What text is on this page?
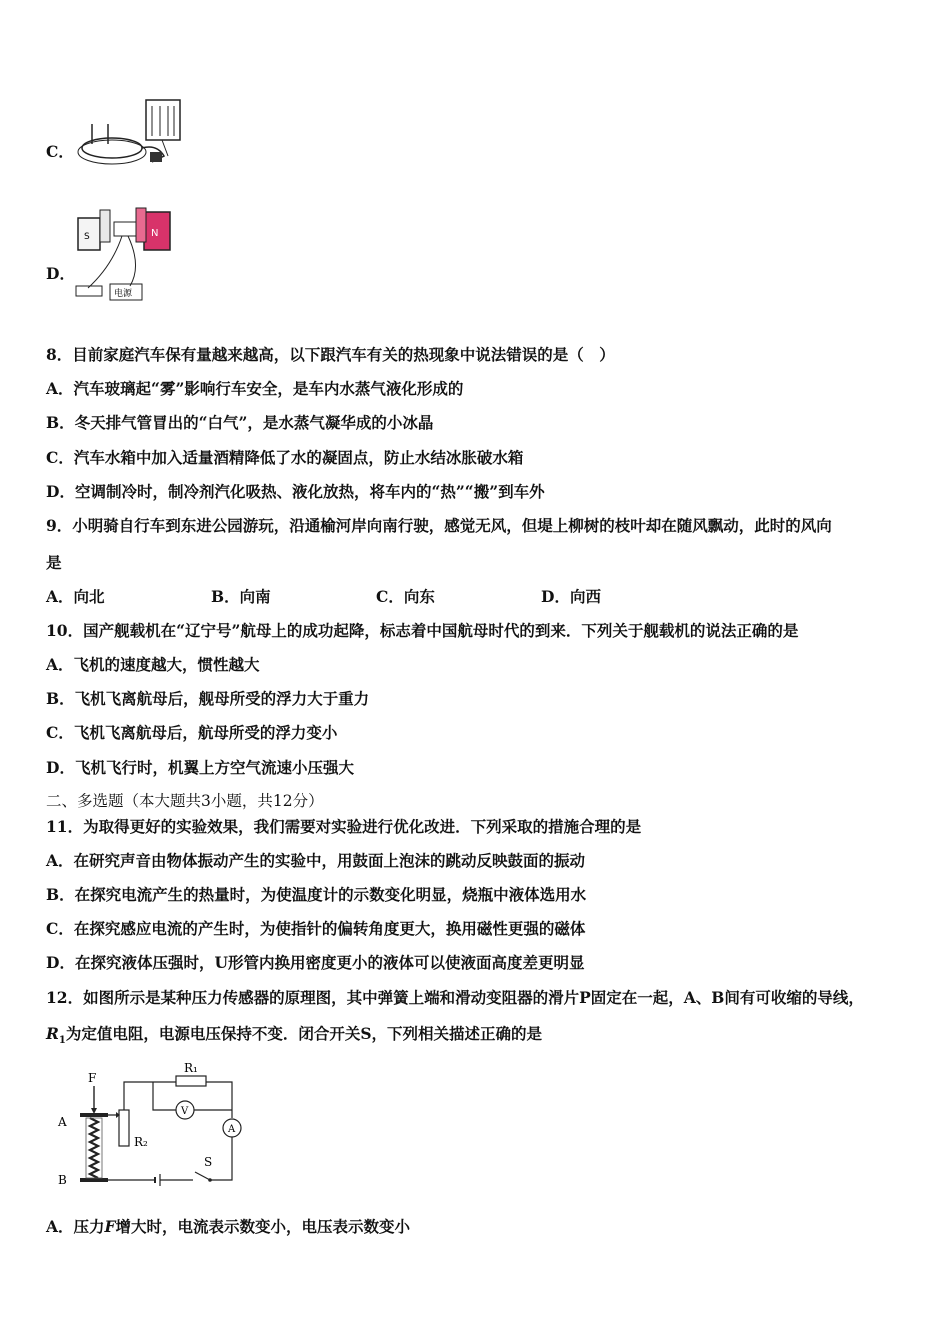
C．
D．
S	N
电源
8．目前家庭汽车保有量越来越高，以下跟汽车有关的热现象中说法错误的是（　）
A．汽车玻璃起“雾”影响行车安全，是车内水蒸气液化形成的
B．冬天排气管冒出的“白气”，是水蒸气凝华成的小冰晶
C．汽车水箱中加入适量酒精降低了水的凝固点，防止水结冰胀破水箱
D．空调制冷时，制冷剂汽化吸热、液化放热，将车内的“热”“搬”到车外
9．小明骑自行车到东进公园游玩，沿通榆河岸向南行驶，感觉无风，但堤上柳树的枝叶却在随风飘动，此时的风向
是
A．向北	B．向南	C．向东	D．向西
10．国产舰载机在“辽宁号”航母上的成功起降，标志着中国航母时代的到来．下列关于舰载机的说法正确的是
A．飞机的速度越大，惯性越大
B．飞机飞离航母后，舰母所受的浮力大于重力
C．飞机飞离航母后，航母所受的浮力变小
D．飞机飞行时，机翼上方空气流速小压强大
二、多选题（本大题共3小题，共12分）
11．为取得更好的实验效果，我们需要对实验进行优化改进．下列采取的措施合理的是
A．在研究声音由物体振动产生的实验中，用鼓面上泡沫的跳动反映鼓面的振动
B．在探究电流产生的热量时，为使温度计的示数变化明显，烧瓶中液体选用水
C．在探究感应电流的产生时，为使指针的偏转角度更大，换用磁性更强的磁体
D．在探究液体压强时，U形管内换用密度更小的液体可以使液面高度差更明显
12．如图所示是某种压力传感器的原理图，其中弹簧上端和滑动变阻器的滑片P固定在一起，A、B间有可收缩的导线，
$R_1$为定值电阻，电源电压保持不变．闭合开关S，下列相关描述正确的是
R₁
V
A
S
R₂
F
A
B
A．压力F增大时，电流表示数变小，电压表示数变小
